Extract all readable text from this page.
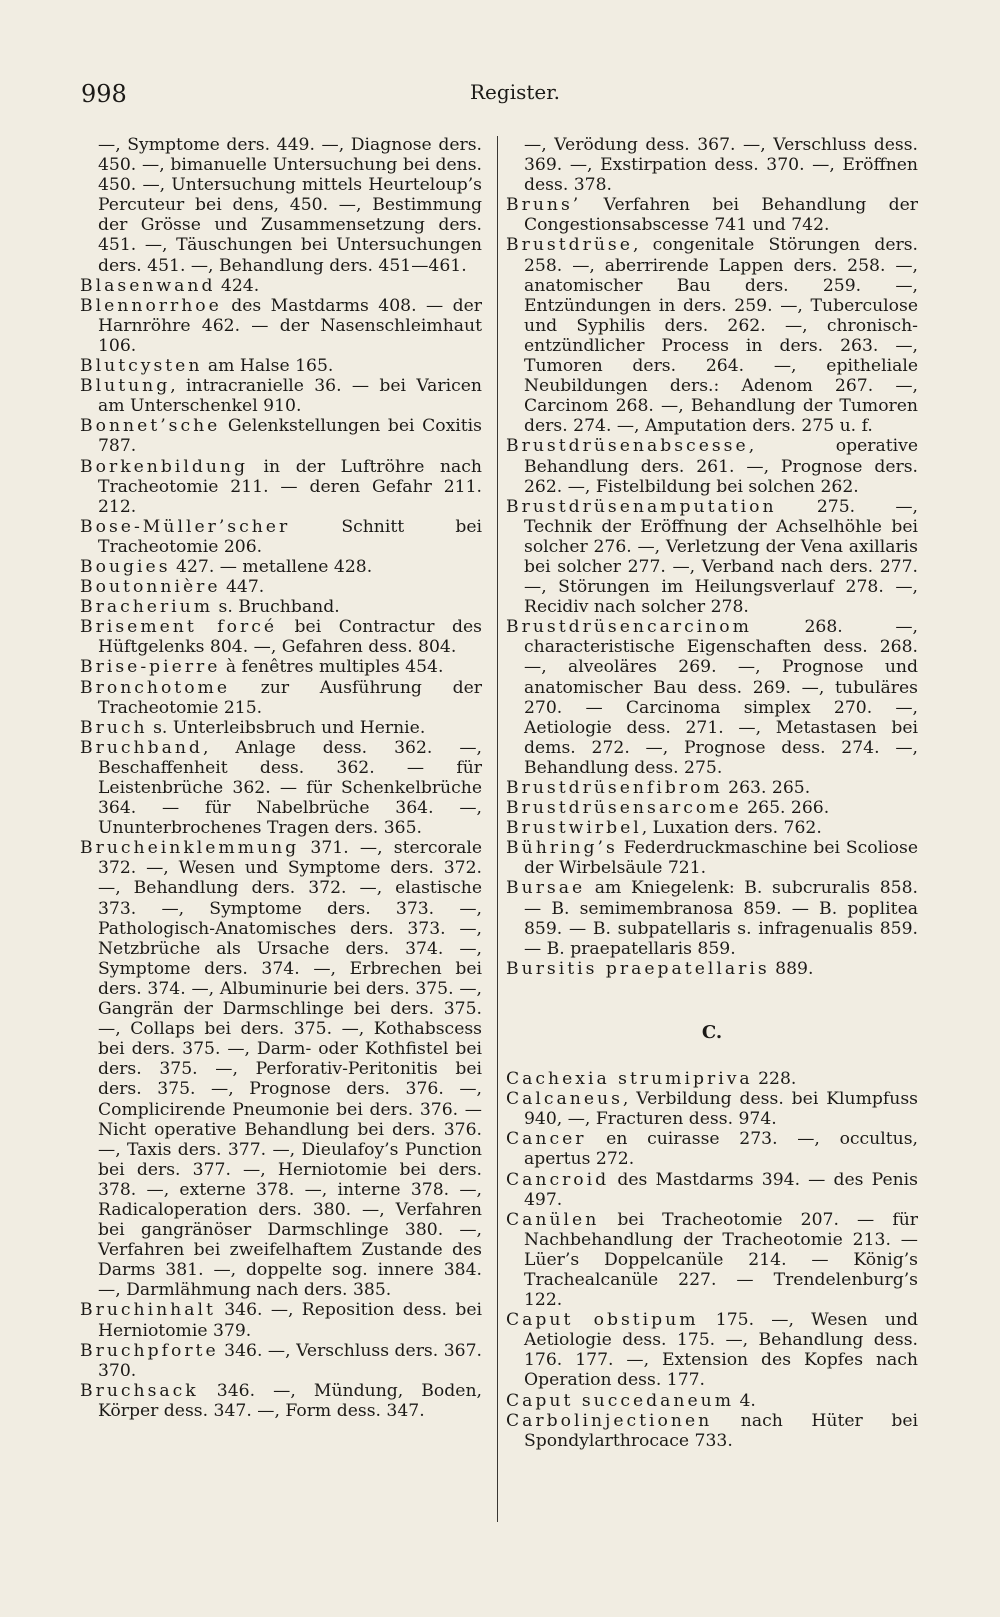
998	Register.

—, Symptome ders. 449. —, Diagnose ders. 450. —, bimanuelle Untersuchung bei dens. 450. —, Untersuchung mittels Heurteloup’s Percuteur bei dens, 450. —, Bestimmung der Grösse und Zusammensetzung ders. 451. —, Täuschungen bei Untersuchungen ders. 451. —, Behandlung ders. 451—461.

Blasenwand 424.

Blennorrhoe des Mastdarms 408. — der Harnröhre 462. — der Nasenschleimhaut 106.

Blutcysten am Halse 165.

Blutung, intracranielle 36. — bei Varicen am Unterschenkel 910.

Bonnet’sche Gelenkstellungen bei Coxitis 787.

Borkenbildung in der Luftröhre nach Tracheotomie 211. — deren Gefahr 211. 212.

Bose-Müller’scher Schnitt bei Tracheotomie 206.

Bougies 427. — metallene 428.

Boutonnière 447.

Bracherium s. Bruchband.

Brisement forcé bei Contractur des Hüftgelenks 804. —, Gefahren dess. 804.

Brise-pierre à fenêtres multiples 454.

Bronchotome zur Ausführung der Tracheotomie 215.

Bruch s. Unterleibsbruch und Hernie.

Bruchband, Anlage dess. 362. —, Beschaffenheit dess. 362. — für Leistenbrüche 362. — für Schenkelbrüche 364. — für Nabelbrüche 364. —, Ununterbrochenes Tragen ders. 365.

Brucheinklemmung 371. —, stercorale 372. —, Wesen und Symptome ders. 372. —, Behandlung ders. 372. —, elastische 373. —, Symptome ders. 373. —, Pathologisch-Anatomisches ders. 373. —, Netzbrüche als Ursache ders. 374. —, Symptome ders. 374. —, Erbrechen bei ders. 374. —, Albuminurie bei ders. 375. —, Gangrän der Darmschlinge bei ders. 375. —, Collaps bei ders. 375. —, Kothabscess bei ders. 375. —, Darm- oder Kothfistel bei ders. 375. —, Perforativ-Peritonitis bei ders. 375. —, Prognose ders. 376. —, Complicirende Pneumonie bei ders. 376. — Nicht operative Behandlung bei ders. 376. —, Taxis ders. 377. —, Dieulafoy’s Punction bei ders. 377. —, Herniotomie bei ders. 378. —, externe 378. —, interne 378. —, Radicaloperation ders. 380. —, Verfahren bei gangränöser Darmschlinge 380. —, Verfahren bei zweifelhaftem Zustande des Darms 381. —, doppelte sog. innere 384. —, Darmlähmung nach ders. 385.

Bruchinhalt 346. —, Reposition dess. bei Herniotomie 379.

Bruchpforte 346. —, Verschluss ders. 367. 370.

Bruchsack 346. —, Mündung, Boden, Körper dess. 347. —, Form dess. 347.

—, Verödung dess. 367. —, Verschluss dess. 369. —, Exstirpation dess. 370. —, Eröffnen dess. 378.

Bruns’ Verfahren bei Behandlung der Congestionsabscesse 741 und 742.

Brustdrüse, congenitale Störungen ders. 258. —, aberrirende Lappen ders. 258. —, anatomischer Bau ders. 259. —, Entzündungen in ders. 259. —, Tuberculose und Syphilis ders. 262. —, chronisch-entzündlicher Process in ders. 263. —, Tumoren ders. 264. —, epitheliale Neubildungen ders.: Adenom 267. —, Carcinom 268. —, Behandlung der Tumoren ders. 274. —, Amputation ders. 275 u. f.

Brustdrüsenabscesse, operative Behandlung ders. 261. —, Prognose ders. 262. —, Fistelbildung bei solchen 262.

Brustdrüsenamputation 275. —, Technik der Eröffnung der Achselhöhle bei solcher 276. —, Verletzung der Vena axillaris bei solcher 277. —, Verband nach ders. 277. —, Störungen im Heilungsverlauf 278. —, Recidiv nach solcher 278.

Brustdrüsencarcinom 268. —, characteristische Eigenschaften dess. 268. —, alveoläres 269. —, Prognose und anatomischer Bau dess. 269. —, tubuläres 270. — Carcinoma simplex 270. —, Aetiologie dess. 271. —, Metastasen bei dems. 272. —, Prognose dess. 274. —, Behandlung dess. 275.

Brustdrüsenfibrom 263. 265.

Brustdrüsensarcome 265. 266.

Brustwirbel, Luxation ders. 762.

Bühring’s Federdruckmaschine bei Scoliose der Wirbelsäule 721.

Bursae am Kniegelenk: B. subcruralis 858. — B. semimembranosa 859. — B. poplitea 859. — B. subpatellaris s. infragenualis 859. — B. praepatellaris 859.

Bursitis praepatellaris 889.

C.

Cachexia strumipriva 228.

Calcaneus, Verbildung dess. bei Klumpfuss 940, —, Fracturen dess. 974.

Cancer en cuirasse 273. —, occultus, apertus 272.

Cancroid des Mastdarms 394. — des Penis 497.

Canülen bei Tracheotomie 207. — für Nachbehandlung der Tracheotomie 213. — Lüer’s Doppelcanüle 214. — König’s Trachealcanüle 227. — Trendelenburg’s 122.

Caput obstipum 175. —, Wesen und Aetiologie dess. 175. —, Behandlung dess. 176. 177. —, Extension des Kopfes nach Operation dess. 177.

Caput succedaneum 4.

Carbolinjectionen nach Hüter bei Spondylarthrocace 733.
